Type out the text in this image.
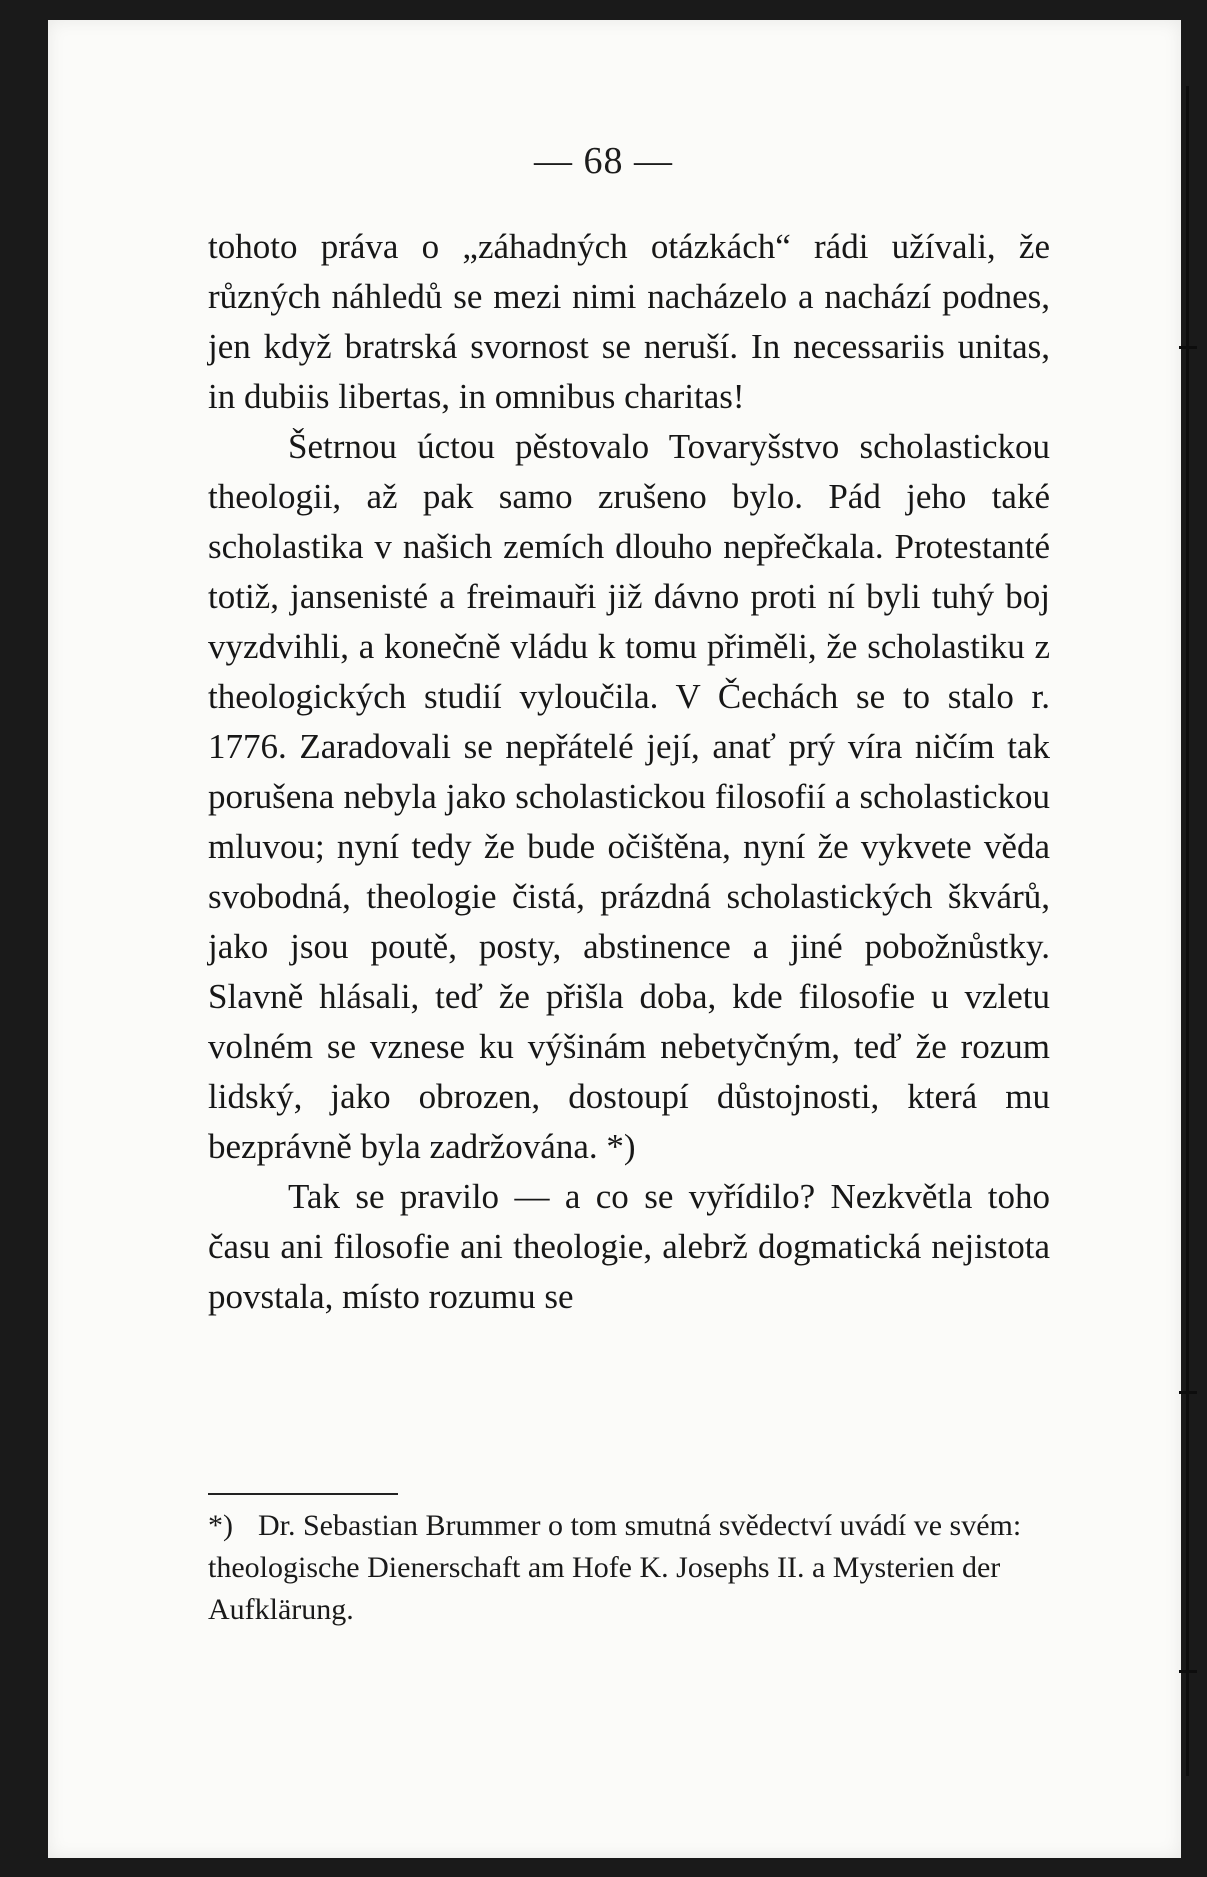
— 68 —

tohoto práva o „záhadných otázkách“ rádi užívali, že různých náhledů se mezi nimi nacházelo a nachází podnes, jen když bratrská svornost se neruší. In necessariis unitas, in dubiis libertas, in omnibus charitas!

Šetrnou úctou pěstovalo Tovaryšstvo scholastickou theologii, až pak samo zrušeno bylo. Pád jeho také scholastika v našich zemích dlouho nepřečkala. Protestanté totiž, jansenisté a freimauři již dávno proti ní byli tuhý boj vyzdvihli, a konečně vládu k tomu přiměli, že scholastiku z theologických studií vyloučila. V Čechách se to stalo r. 1776. Zaradovali se nepřátelé její, anať prý víra ničím tak porušena nebyla jako scholastickou filosofií a scholastickou mluvou; nyní tedy že bude očištěna, nyní že vykvete věda svobodná, theologie čistá, prázdná scholastických škvárů, jako jsou poutě, posty, abstinence a jiné pobožnůstky. Slavně hlásali, teď že přišla doba, kde filosofie u vzletu volném se vznese ku výšinám nebetyčným, teď že rozum lidský, jako obrozen, dostoupí důstojnosti, která mu bezprávně byla zadržována. *)

Tak se pravilo — a co se vyřídilo? Nezkvětla toho času ani filosofie ani theologie, alebrž dogmatická nejistota povstala, místo rozumu se

*) Dr. Sebastian Brummer o tom smutná svědectví uvádí ve svém: theologische Dienerschaft am Hofe K. Josephs II. a Mysterien der Aufklärung.
